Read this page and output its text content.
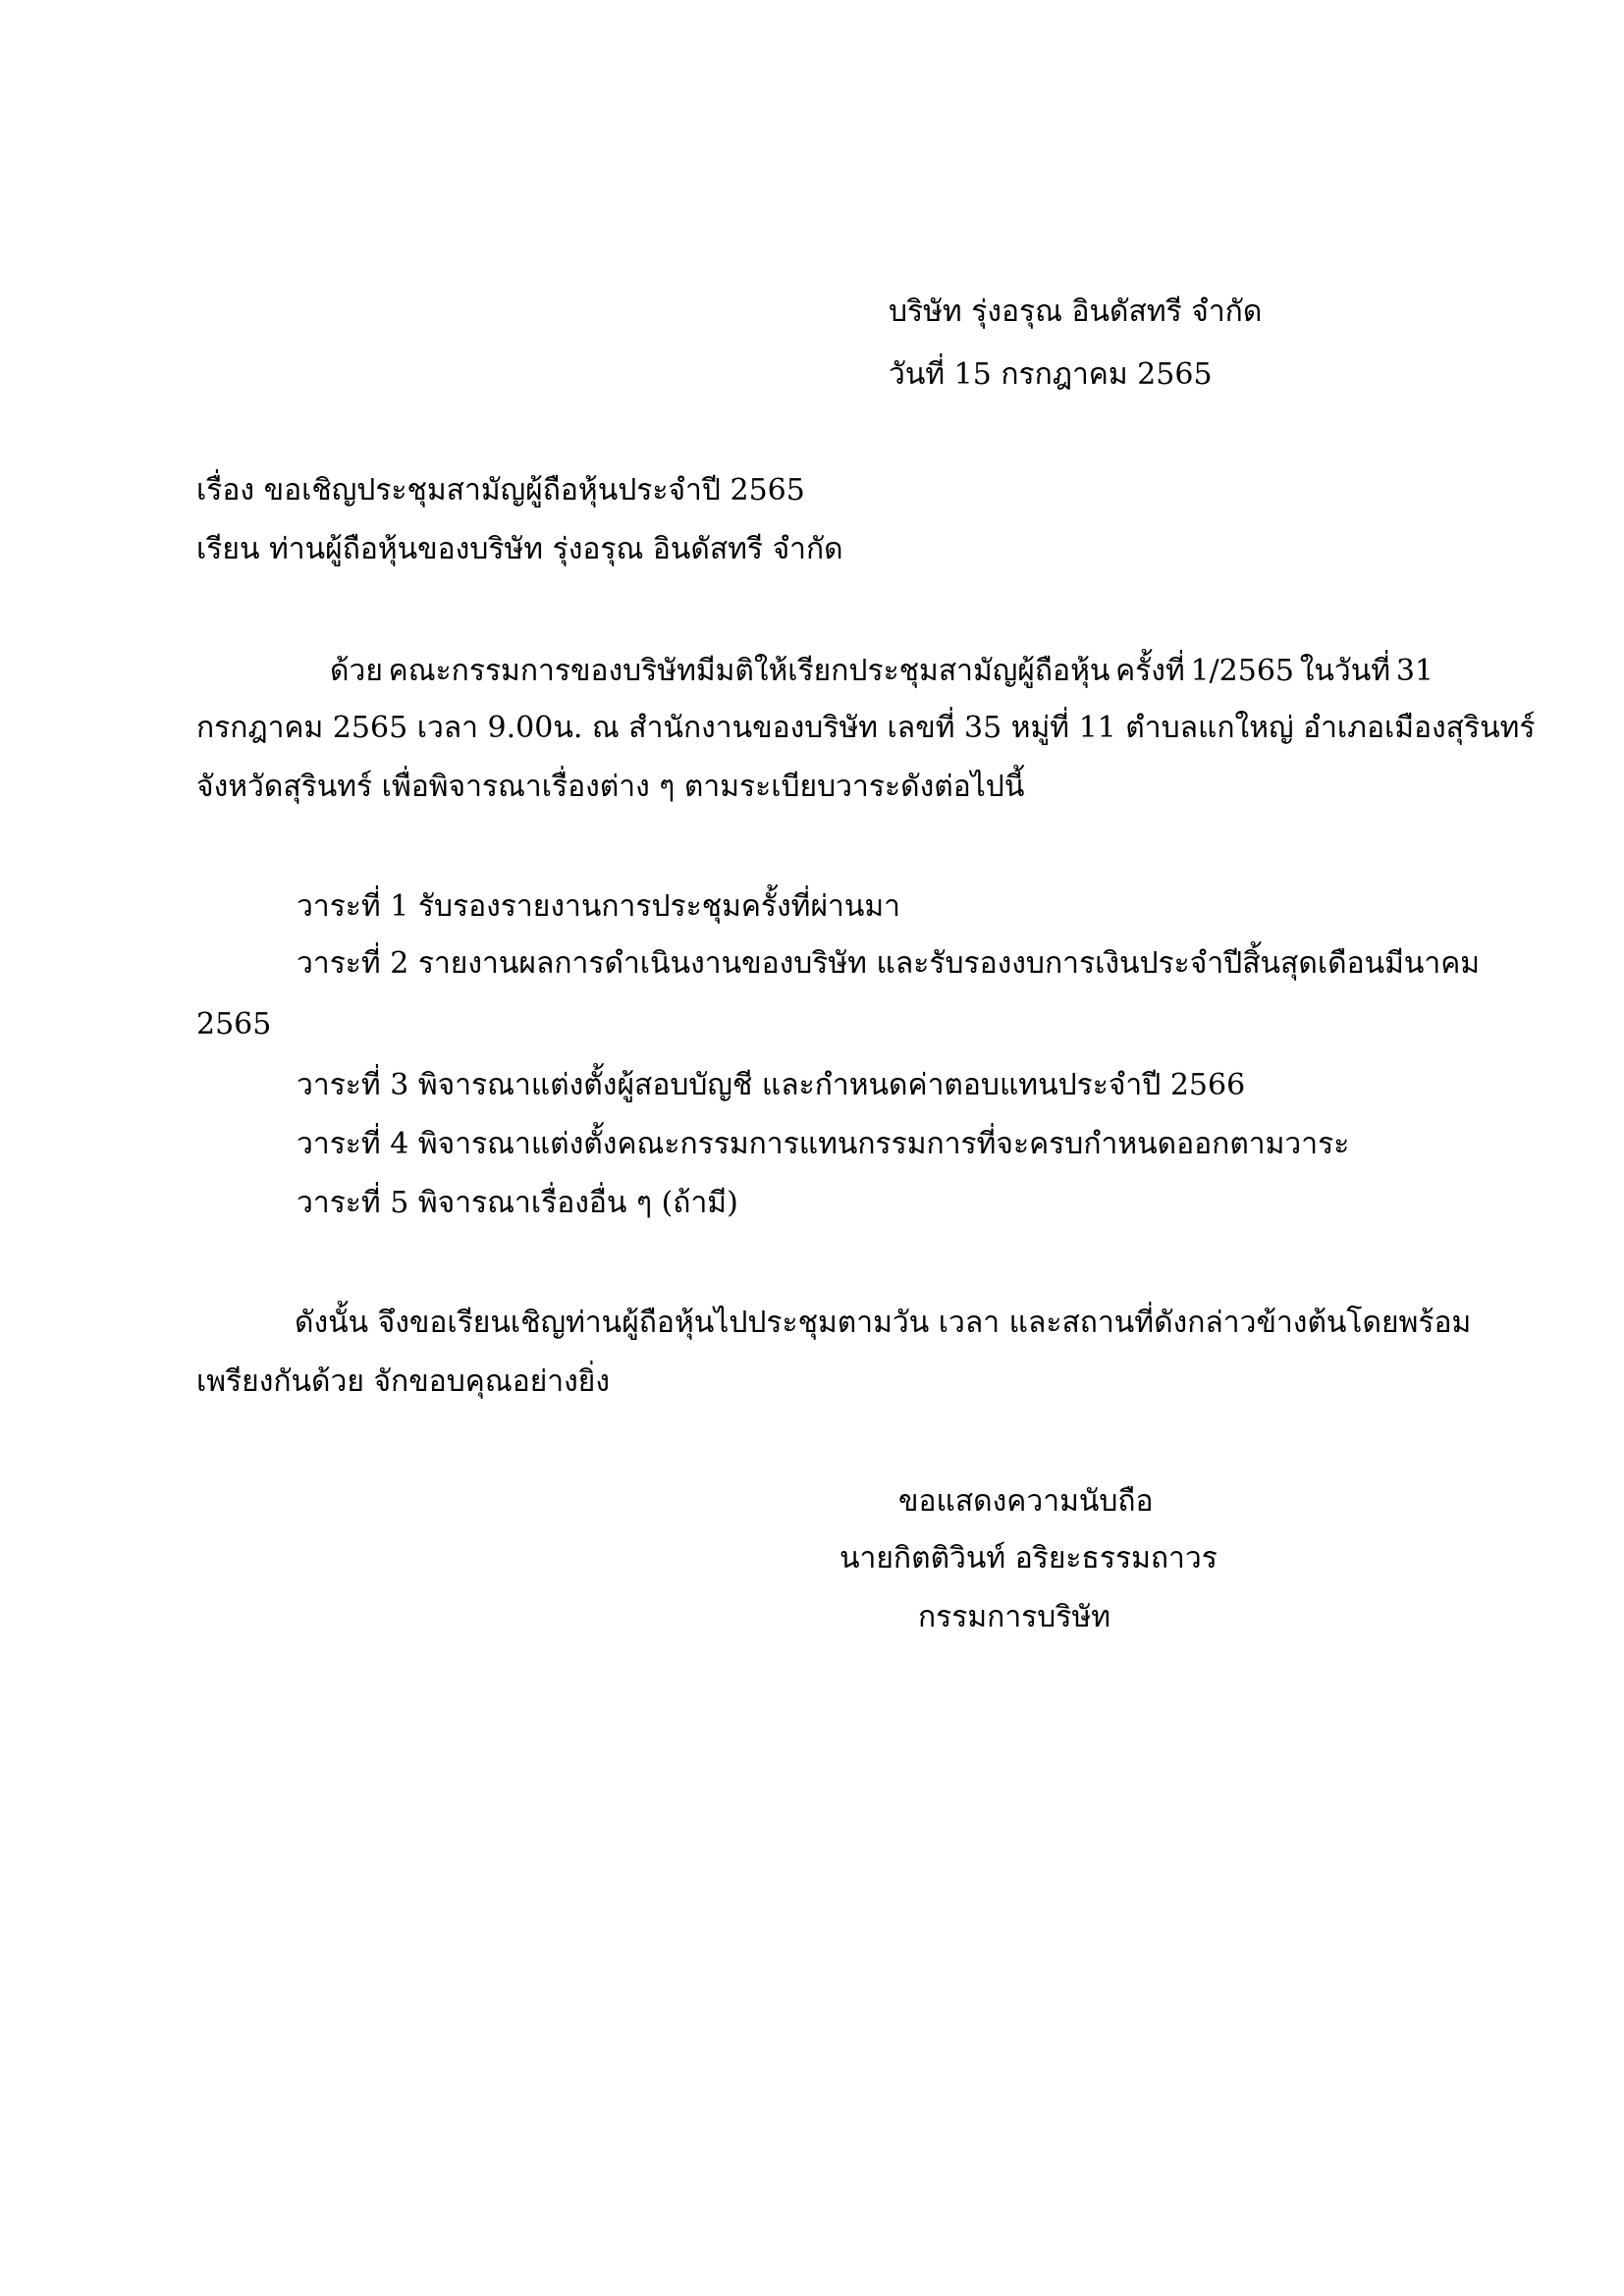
บริษัท รุ่งอรุณ อินดัสทรี จำกัด
วันที่ 15 กรกฎาคม 2565
เรื่อง ขอเชิญประชุมสามัญผู้ถือหุ้นประจำปี 2565
เรียน ท่านผู้ถือหุ้นของบริษัท รุ่งอรุณ อินดัสทรี จำกัด
ด้วย คณะกรรมการของบริษัทมีมติให้เรียกประชุมสามัญผู้ถือหุ้น ครั้งที่ 1/2565 ในวันที่ 31
กรกฎาคม 2565 เวลา 9.00น. ณ สำนักงานของบริษัท เลขที่ 35 หมู่ที่ 11 ตำบลแกใหญ่ อำเภอเมืองสุรินทร์
จังหวัดสุรินทร์ เพื่อพิจารณาเรื่องต่าง ๆ ตามระเบียบวาระดังต่อไปนี้
วาระที่ 1 รับรองรายงานการประชุมครั้งที่ผ่านมา
วาระที่ 2 รายงานผลการดำเนินงานของบริษัท และรับรองงบการเงินประจำปีสิ้นสุดเดือนมีนาคม
2565
วาระที่ 3 พิจารณาแต่งตั้งผู้สอบบัญชี และกำหนดค่าตอบแทนประจำปี 2566
วาระที่ 4 พิจารณาแต่งตั้งคณะกรรมการแทนกรรมการที่จะครบกำหนดออกตามวาระ
วาระที่ 5 พิจารณาเรื่องอื่น ๆ (ถ้ามี)
ดังนั้น จึงขอเรียนเชิญท่านผู้ถือหุ้นไปประชุมตามวัน เวลา และสถานที่ดังกล่าวข้างต้นโดยพร้อม
เพรียงกันด้วย จักขอบคุณอย่างยิ่ง
ขอแสดงความนับถือ
นายกิตติวินท์ อริยะธรรมถาวร
กรรมการบริษัท
